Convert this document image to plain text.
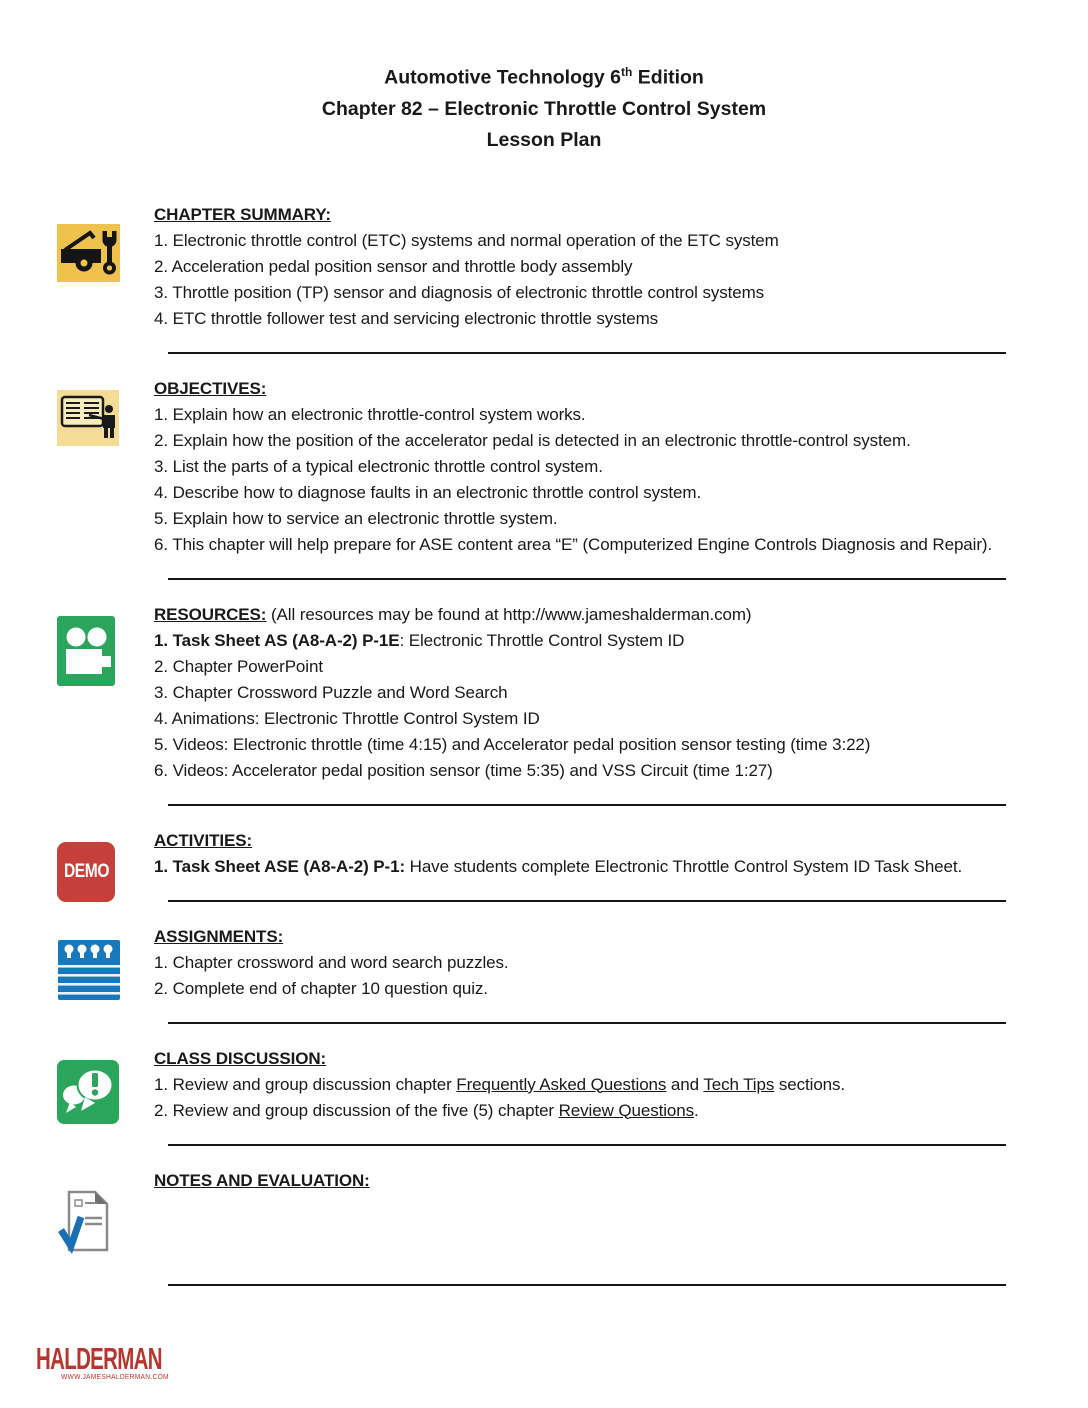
Automotive Technology 6th Edition
Chapter 82 – Electronic Throttle Control System
Lesson Plan
CHAPTER SUMMARY:

1. Electronic throttle control (ETC) systems and normal operation of the ETC system

2. Acceleration pedal position sensor and throttle body assembly

3. Throttle position (TP) sensor and diagnosis of electronic throttle control systems

4. ETC throttle follower test and servicing electronic throttle systems

OBJECTIVES:

1. Explain how an electronic throttle-control system works.

2. Explain how the position of the accelerator pedal is detected in an electronic throttle-control system.

3. List the parts of a typical electronic throttle control system.

4. Describe how to diagnose faults in an electronic throttle control system.

5. Explain how to service an electronic throttle system.

6. This chapter will help prepare for ASE content area “E” (Computerized Engine Controls Diagnosis and Repair).

RESOURCES: (All resources may be found at http://www.jameshalderman.com)

1. Task Sheet AS (A8-A-2) P-1E: Electronic Throttle Control System ID

2. Chapter PowerPoint

3. Chapter Crossword Puzzle and Word Search

4. Animations: Electronic Throttle Control System ID

5. Videos: Electronic throttle (time 4:15) and Accelerator pedal position sensor testing (time 3:22)

6. Videos: Accelerator pedal position sensor (time 5:35) and VSS Circuit (time 1:27)

DEMO
ACTIVITIES:

1. Task Sheet ASE (A8-A-2) P-1: Have students complete Electronic Throttle Control System ID Task Sheet.

ASSIGNMENTS:

1. Chapter crossword and word search puzzles.

2. Complete end of chapter 10 question quiz.

CLASS DISCUSSION:

1. Review and group discussion chapter Frequently Asked Questions and Tech Tips sections.

2. Review and group discussion of the five (5) chapter Review Questions.

NOTES AND EVALUATION:
HALDERMAN
WWW.JAMESHALDERMAN.COM
